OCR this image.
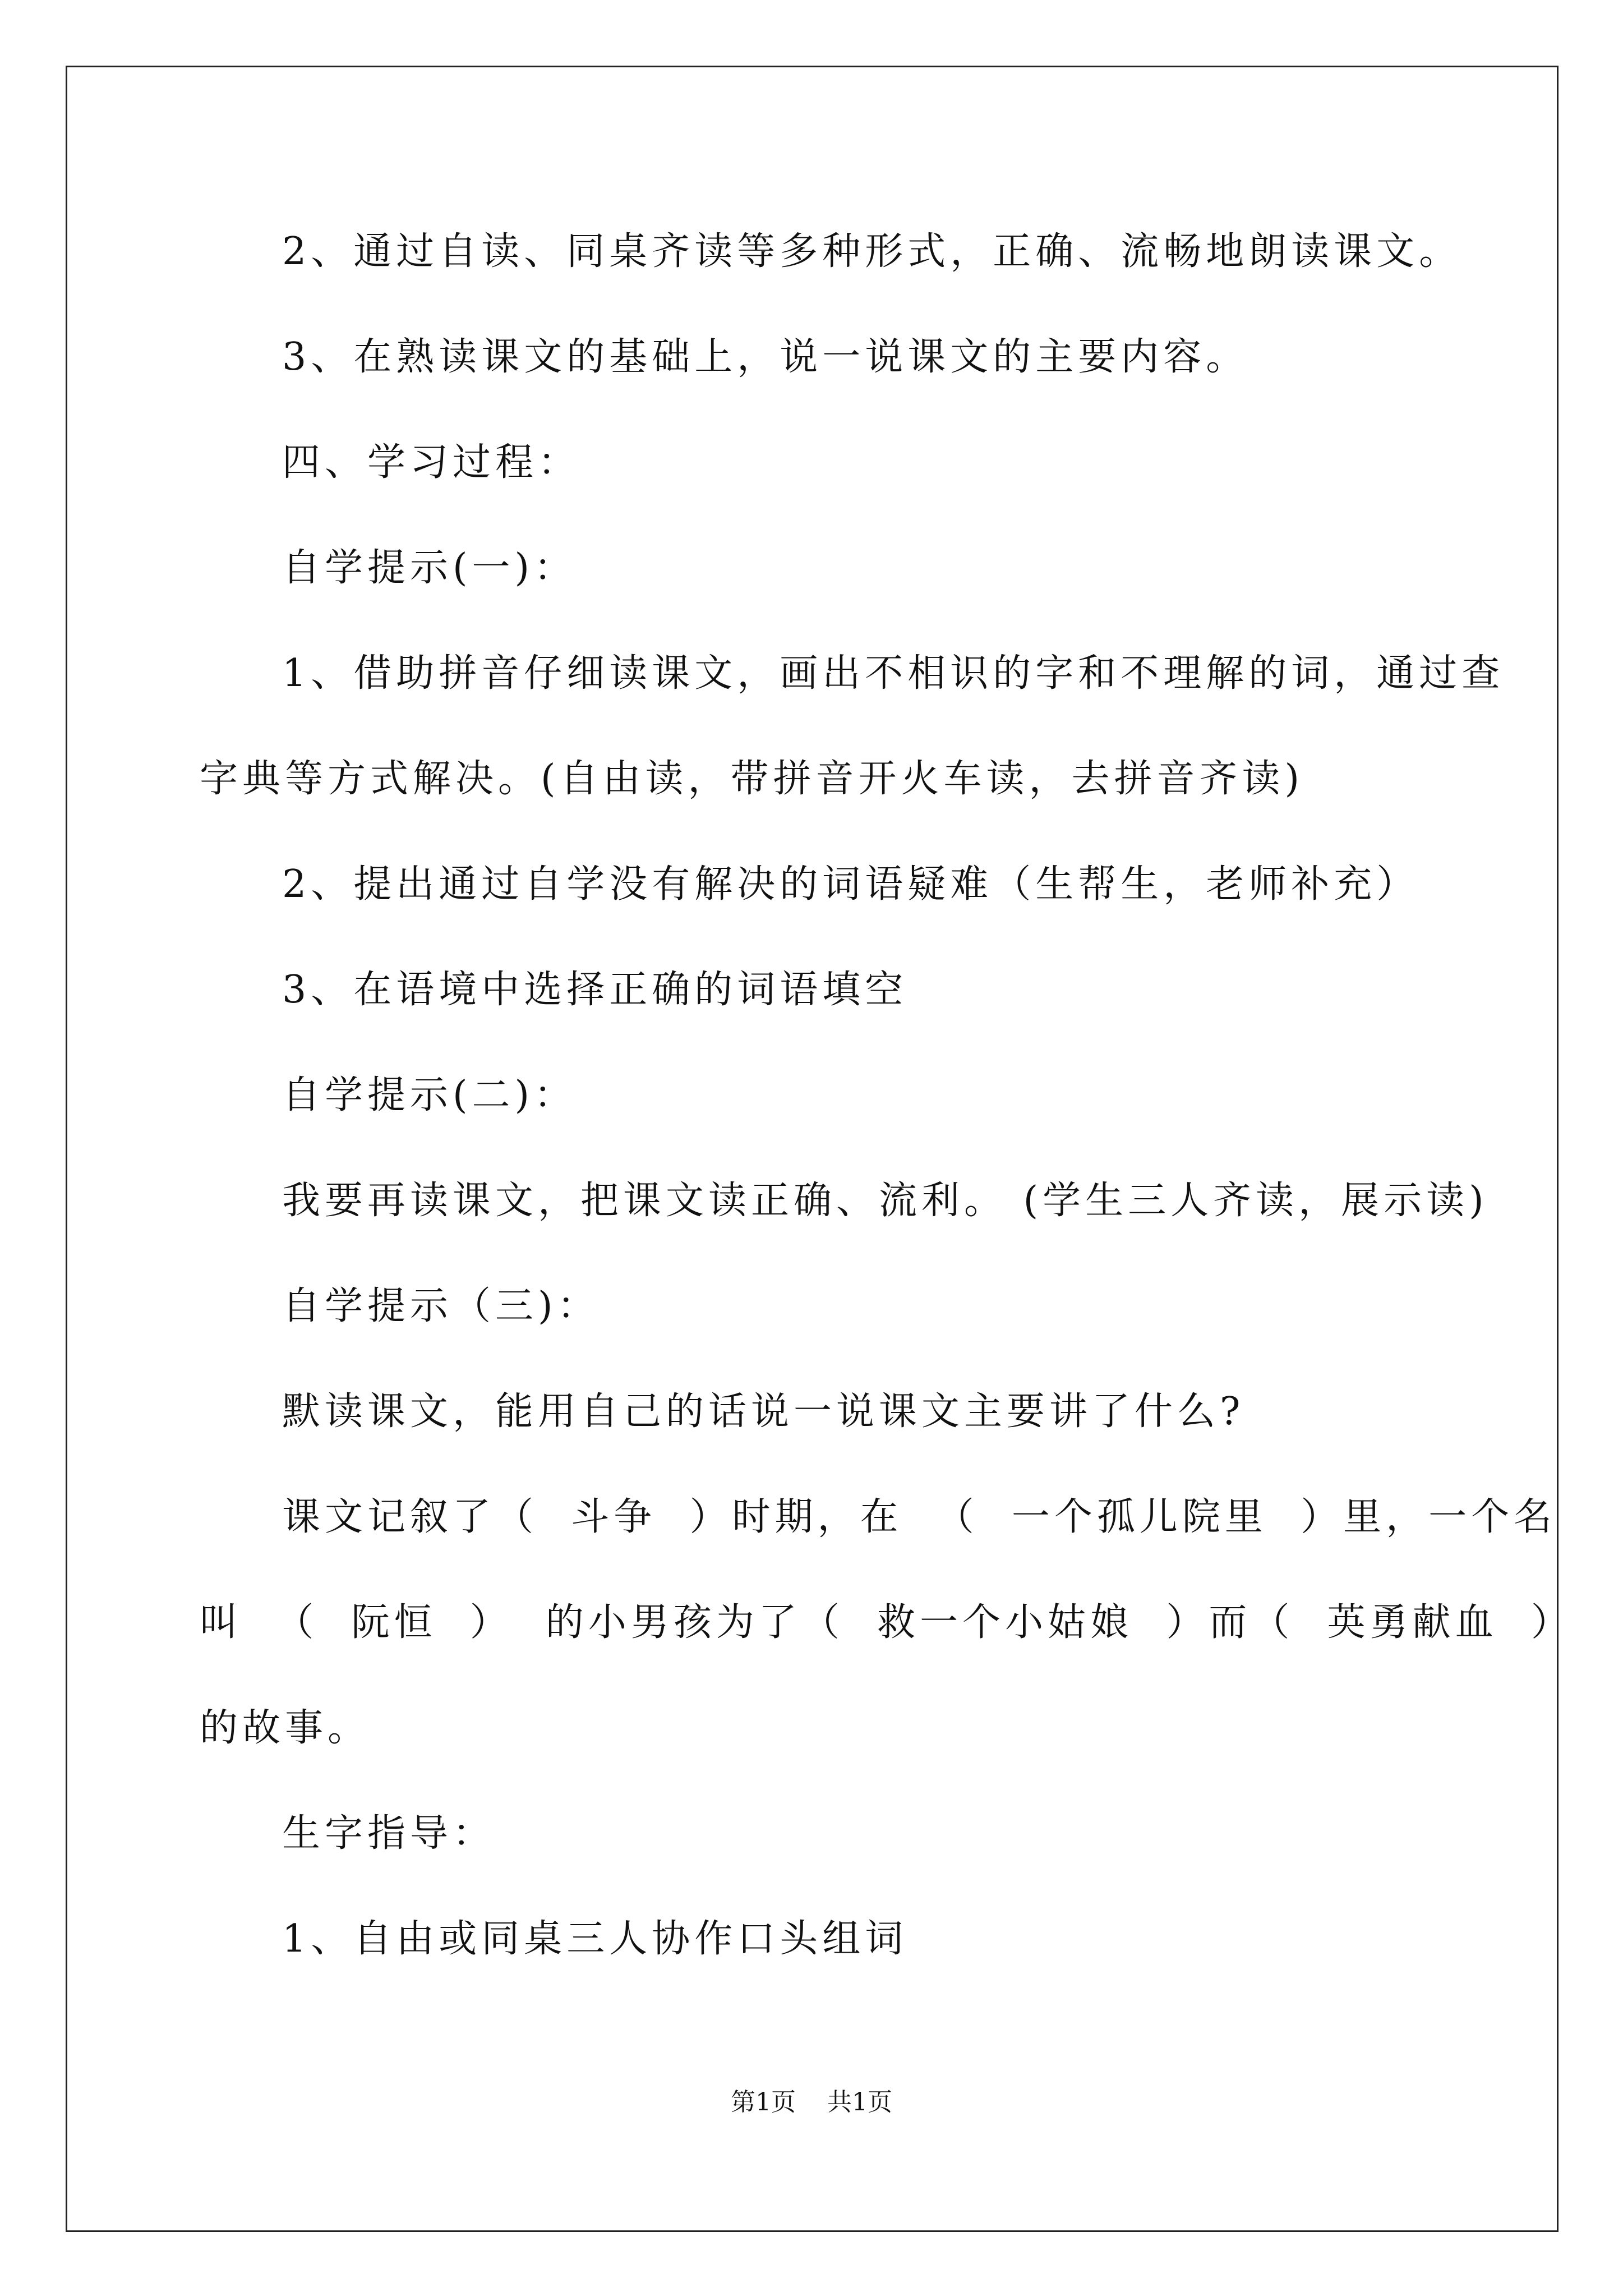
2、通过自读、同桌齐读等多种形式，正确、流畅地朗读课文。
3、在熟读课文的基础上，说一说课文的主要内容。
四、学习过程：
自学提示(一)：
1、借助拼音仔细读课文，画出不相识的字和不理解的词，通过查
字典等方式解决。(自由读，带拼音开火车读，去拼音齐读)
2、提出通过自学没有解决的词语疑难（生帮生，老师补充）
3、在语境中选择正确的词语填空
自学提示(二)：
我要再读课文，把课文读正确、流利。 (学生三人齐读，展示读)
自学提示（三)：
默读课文，能用自己的话说一说课文主要讲了什么?
课文记叙了（  斗争  ）时期，在  （  一个孤儿院里  ）里，一个名
叫  （  阮恒  ）  的小男孩为了（  救一个小姑娘  ）而（  英勇献血  ）
的故事。
生字指导：
1、自由或同桌三人协作口头组词
第1页    共1页
